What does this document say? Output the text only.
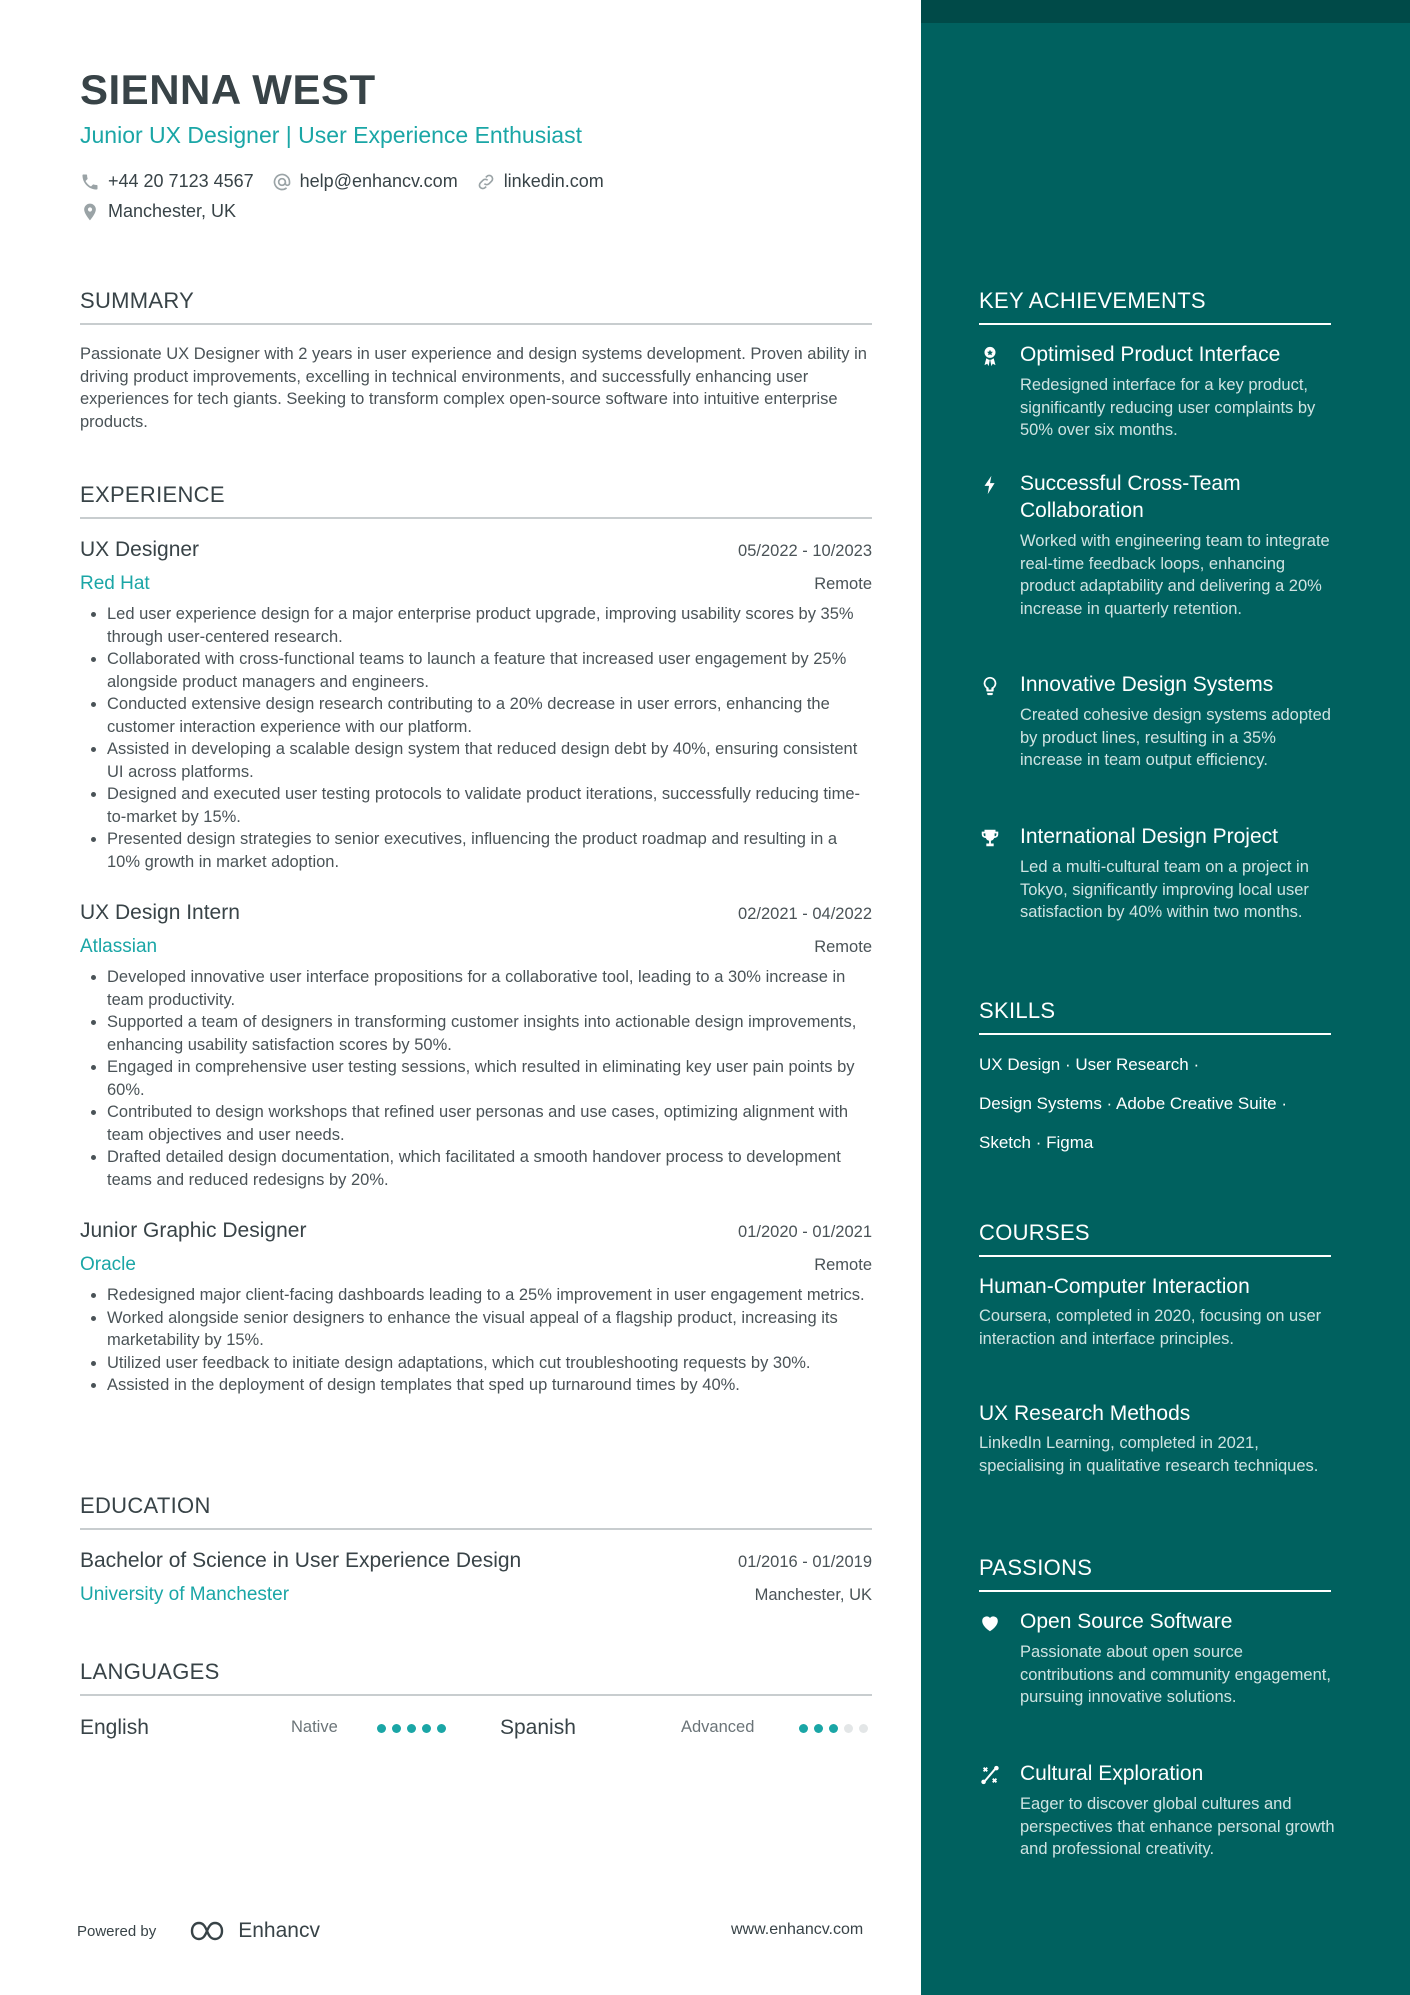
SIENNA WEST
Junior UX Designer | User Experience Enthusiast
+44 20 7123 4567	help@enhancv.com	linkedin.com
Manchester, UK
SUMMARY
Passionate UX Designer with 2 years in user experience and design systems development. Proven ability in driving product improvements, excelling in technical environments, and successfully enhancing user experiences for tech giants. Seeking to transform complex open-source software into intuitive enterprise products.
EXPERIENCE
UX Designer	05/2022 - 10/2023
Red Hat	Remote
• Led user experience design for a major enterprise product upgrade, improving usability scores by 35% through user-centered research.
• Collaborated with cross-functional teams to launch a feature that increased user engagement by 25% alongside product managers and engineers.
• Conducted extensive design research contributing to a 20% decrease in user errors, enhancing the customer interaction experience with our platform.
• Assisted in developing a scalable design system that reduced design debt by 40%, ensuring consistent UI across platforms.
• Designed and executed user testing protocols to validate product iterations, successfully reducing time-to-market by 15%.
• Presented design strategies to senior executives, influencing the product roadmap and resulting in a 10% growth in market adoption.
UX Design Intern	02/2021 - 04/2022
Atlassian	Remote
• Developed innovative user interface propositions for a collaborative tool, leading to a 30% increase in team productivity.
• Supported a team of designers in transforming customer insights into actionable design improvements, enhancing usability satisfaction scores by 50%.
• Engaged in comprehensive user testing sessions, which resulted in eliminating key user pain points by 60%.
• Contributed to design workshops that refined user personas and use cases, optimizing alignment with team objectives and user needs.
• Drafted detailed design documentation, which facilitated a smooth handover process to development teams and reduced redesigns by 20%.
Junior Graphic Designer	01/2020 - 01/2021
Oracle	Remote
• Redesigned major client-facing dashboards leading to a 25% improvement in user engagement metrics.
• Worked alongside senior designers to enhance the visual appeal of a flagship product, increasing its marketability by 15%.
• Utilized user feedback to initiate design adaptations, which cut troubleshooting requests by 30%.
• Assisted in the deployment of design templates that sped up turnaround times by 40%.
EDUCATION
Bachelor of Science in User Experience Design	01/2016 - 01/2019
University of Manchester	Manchester, UK
LANGUAGES
English	Native	Spanish	Advanced
Powered by	Enhancv	www.enhancv.com
KEY ACHIEVEMENTS
Optimised Product Interface
Redesigned interface for a key product, significantly reducing user complaints by 50% over six months.
Successful Cross-Team Collaboration
Worked with engineering team to integrate real-time feedback loops, enhancing product adaptability and delivering a 20% increase in quarterly retention.
Innovative Design Systems
Created cohesive design systems adopted by product lines, resulting in a 35% increase in team output efficiency.
International Design Project
Led a multi-cultural team on a project in Tokyo, significantly improving local user satisfaction by 40% within two months.
SKILLS
UX Design · User Research ·
Design Systems · Adobe Creative Suite ·
Sketch · Figma
COURSES
Human-Computer Interaction
Coursera, completed in 2020, focusing on user interaction and interface principles.
UX Research Methods
LinkedIn Learning, completed in 2021, specialising in qualitative research techniques.
PASSIONS
Open Source Software
Passionate about open source contributions and community engagement, pursuing innovative solutions.
Cultural Exploration
Eager to discover global cultures and perspectives that enhance personal growth and professional creativity.
